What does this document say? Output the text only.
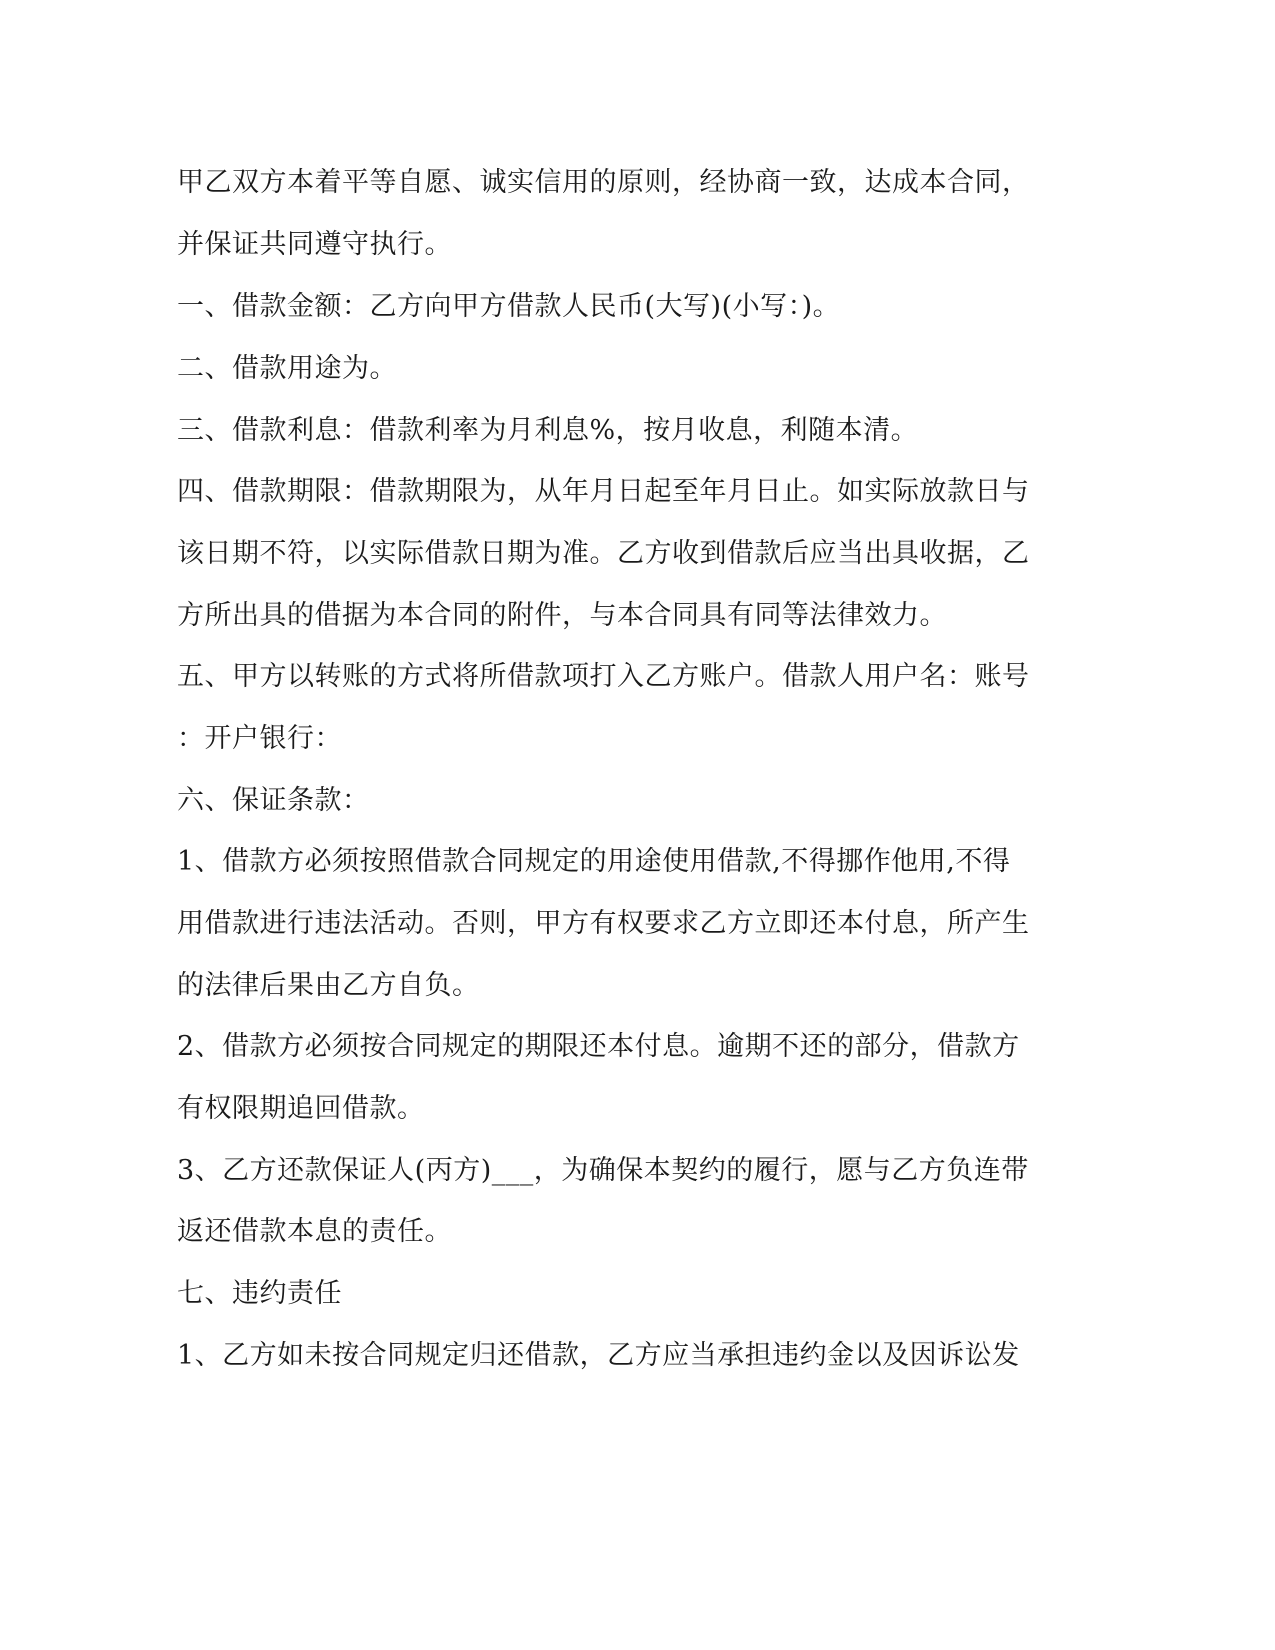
甲乙双方本着平等自愿、诚实信用的原则，经协商一致，达成本合同，
并保证共同遵守执行。
一、借款金额：乙方向甲方借款人民币(大写)(小写：)。
二、借款用途为。
三、借款利息：借款利率为月利息%，按月收息，利随本清。
四、借款期限：借款期限为，从年月日起至年月日止。如实际放款日与
该日期不符，以实际借款日期为准。乙方收到借款后应当出具收据，乙
方所出具的借据为本合同的附件，与本合同具有同等法律效力。
五、甲方以转账的方式将所借款项打入乙方账户。借款人用户名：账号
：开户银行：
六、保证条款：
1、借款方必须按照借款合同规定的用途使用借款,不得挪作他用,不得
用借款进行违法活动。否则，甲方有权要求乙方立即还本付息，所产生
的法律后果由乙方自负。
2、借款方必须按合同规定的期限还本付息。逾期不还的部分，借款方
有权限期追回借款。
3、乙方还款保证人(丙方)___，为确保本契约的履行，愿与乙方负连带
返还借款本息的责任。
七、违约责任
1、乙方如未按合同规定归还借款，乙方应当承担违约金以及因诉讼发
